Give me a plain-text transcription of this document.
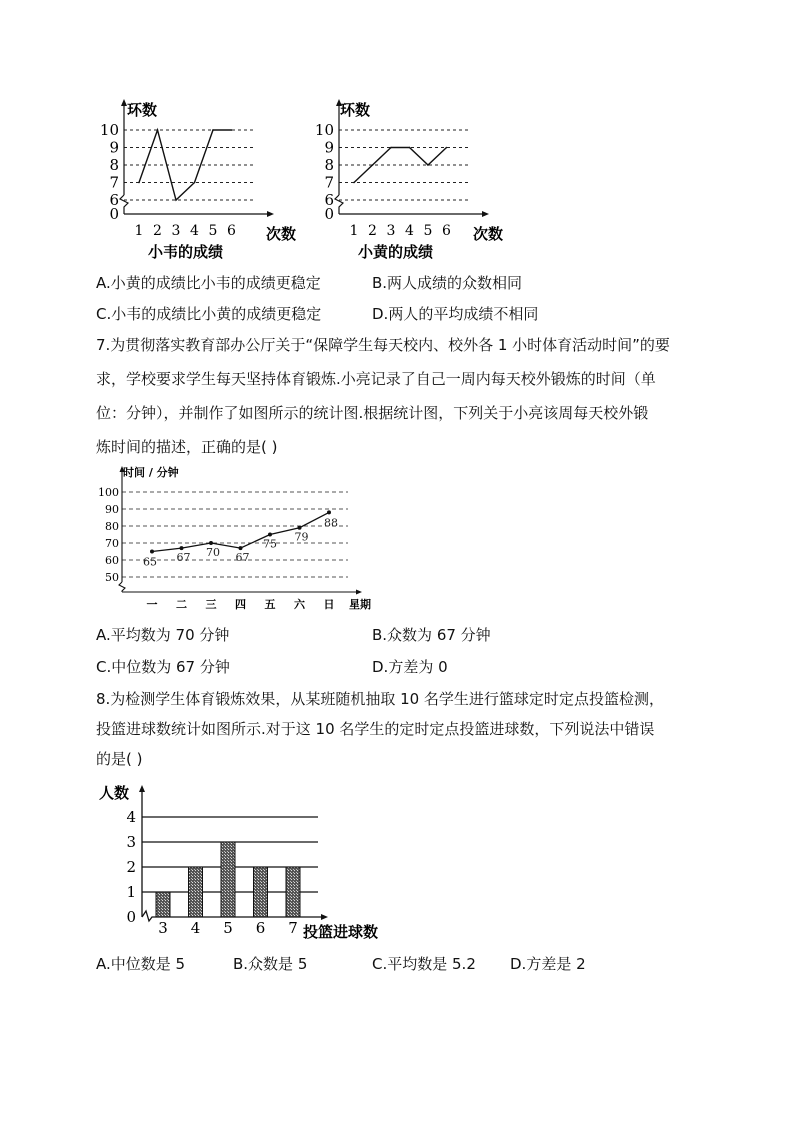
环数
次数
小韦的成绩
10
9
8
7
6
0
1 2 3 4 5 6
环数
次数
小黄的成绩
10
9
8
7
6
0
1 2 3 4 5 6
A.小黄的成绩比小韦的成绩更稳定	B.两人成绩的众数相同
C.小韦的成绩比小黄的成绩更稳定	D.两人的平均成绩不相同
7.为贯彻落实教育部办公厅关于“保障学生每天校内、校外各 1 小时体育活动时间”的要
求，学校要求学生每天坚持体育锻炼.小亮记录了自己一周内每天校外锻炼的时间（单
位：分钟），并制作了如图所示的统计图.根据统计图，下列关于小亮该周每天校外锻
炼时间的描述，正确的是( )
65 67 70 67
75
79
88
时间 / 分钟
星期
100
90
80
70
60
50
一 二 三 四 五 六 日
A.平均数为 70 分钟	B.众数为 67 分钟
C.中位数为 67 分钟	D.方差为 0
8.为检测学生体育锻炼效果，从某班随机抽取 10 名学生进行篮球定时定点投篮检测，
投篮进球数统计如图所示.对于这 10 名学生的定时定点投篮进球数，下列说法中错误
的是( )
人数
投篮进球数
4
3
2
1
0
3 4 5 6 7
A.中位数是 5	B.众数是 5	C.平均数是 5.2 D.方差是 2
